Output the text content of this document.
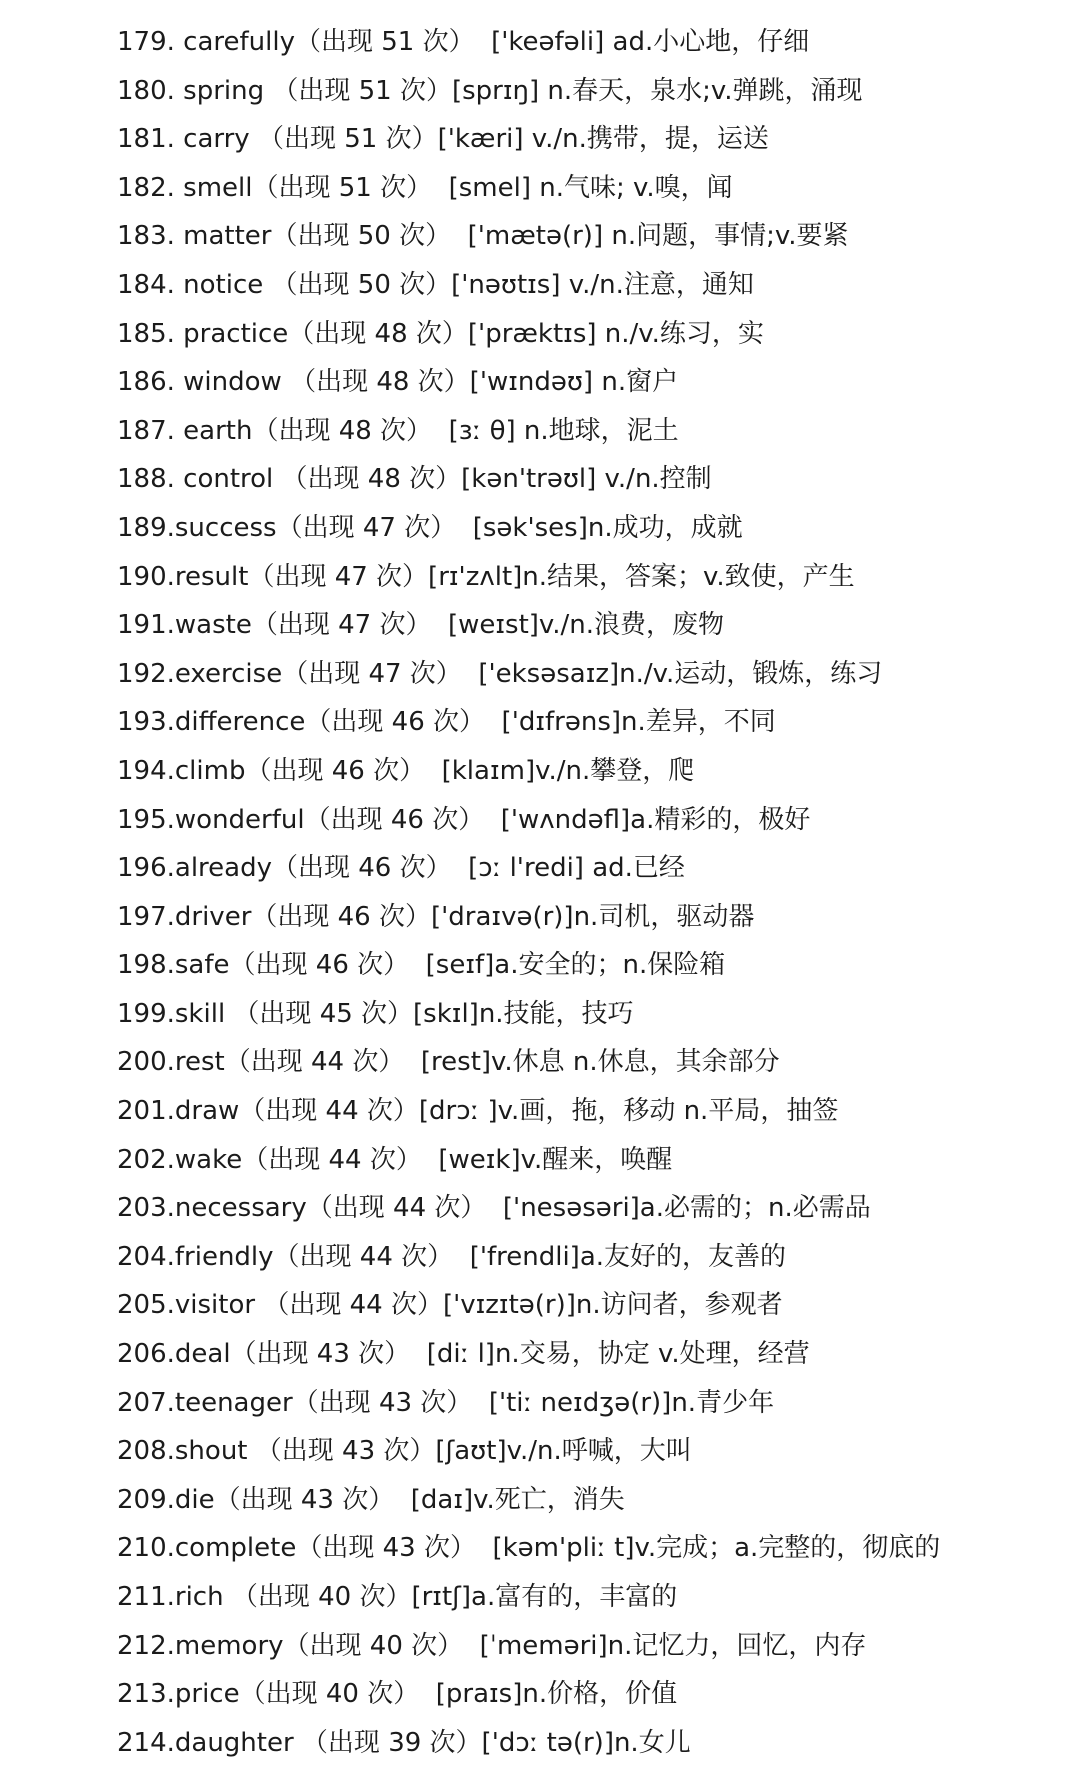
179. carefully（出现 51 次）  ['keəfəli] ad.小心地，仔细
180. spring （出现 51 次）[sprɪŋ] n.春天，泉水;v.弹跳，涌现
181. carry （出现 51 次）['kæri] v./n.携带，提，运送
182. smell（出现 51 次）  [smel] n.气味; v.嗅，闻
183. matter（出现 50 次）  ['mætə(r)] n.问题，事情;v.要紧
184. notice （出现 50 次）['nəʊtɪs] v./n.注意，通知
185. practice（出现 48 次）['præktɪs] n./v.练习，实
186. window （出现 48 次）['wɪndəʊ] n.窗户
187. earth（出现 48 次）  [ɜː θ] n.地球，泥土
188. control （出现 48 次）[kən'trəʊl] v./n.控制
189.success（出现 47 次）  [sək'ses]n.成功，成就
190.result（出现 47 次）[rɪ'zʌlt]n.结果，答案；v.致使，产生
191.waste（出现 47 次）  [weɪst]v./n.浪费，废物
192.exercise（出现 47 次）  ['eksəsaɪz]n./v.运动，锻炼，练习
193.difference（出现 46 次）  ['dɪfrəns]n.差异，不同
194.climb（出现 46 次）  [klaɪm]v./n.攀登，爬
195.wonderful（出现 46 次）  ['wʌndəfl]a.精彩的，极好
196.already（出现 46 次）  [ɔː l'redi] ad.已经
197.driver（出现 46 次）['draɪvə(r)]n.司机，驱动器
198.safe（出现 46 次）  [seɪf]a.安全的；n.保险箱
199.skill （出现 45 次）[skɪl]n.技能，技巧
200.rest（出现 44 次）  [rest]v.休息 n.休息，其余部分
201.draw（出现 44 次）[drɔː ]v.画，拖，移动 n.平局，抽签
202.wake（出现 44 次）  [weɪk]v.醒来，唤醒
203.necessary（出现 44 次）  ['nesəsəri]a.必需的；n.必需品
204.friendly（出现 44 次）  ['frendli]a.友好的，友善的
205.visitor （出现 44 次）['vɪzɪtə(r)]n.访问者，参观者
206.deal（出现 43 次）  [diː l]n.交易，协定 v.处理，经营
207.teenager（出现 43 次）  ['tiː neɪdʒə(r)]n.青少年
208.shout （出现 43 次）[ʃaʊt]v./n.呼喊，大叫
209.die（出现 43 次）  [daɪ]v.死亡，消失
210.complete（出现 43 次）  [kəm'pliː t]v.完成；a.完整的，彻底的
211.rich （出现 40 次）[rɪtʃ]a.富有的，丰富的
212.memory（出现 40 次）  [ˈmeməri]n.记忆力，回忆，内存
213.price（出现 40 次）  [praɪs]n.价格，价值
214.daughter （出现 39 次）['dɔː tə(r)]n.女儿
